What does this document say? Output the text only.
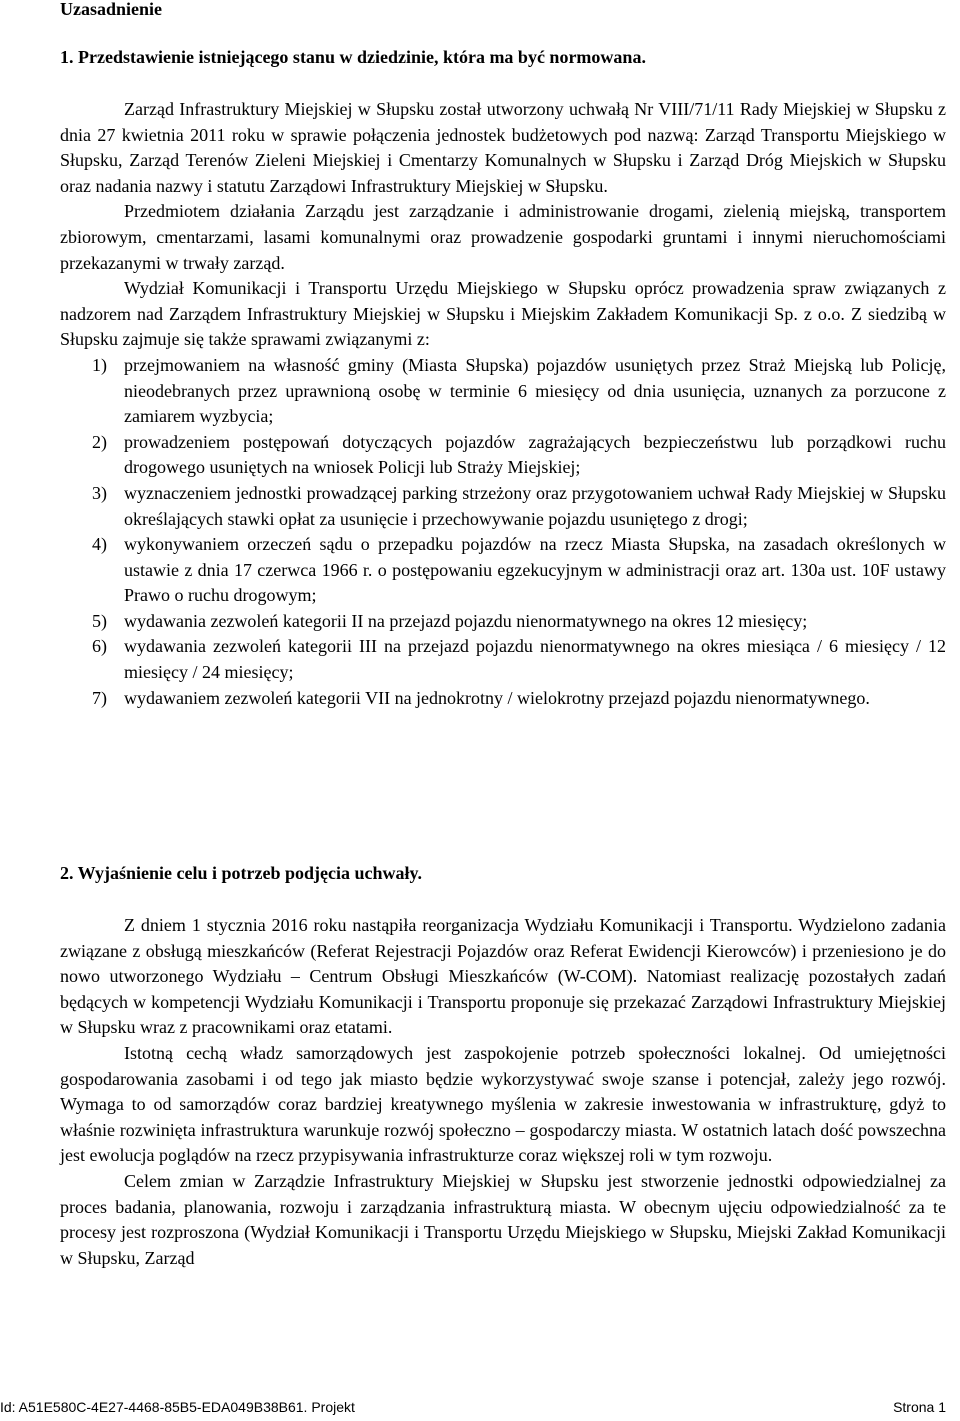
Uzasadnienie
1. Przedstawienie istniejącego stanu w dziedzinie, która ma być normowana.

Zarząd Infrastruktury Miejskiej w Słupsku został utworzony uchwałą Nr VIII/71/11 Rady Miejskiej w Słupsku z dnia 27 kwietnia 2011 roku w sprawie połączenia jednostek budżetowych pod nazwą: Zarząd Transportu Miejskiego w Słupsku, Zarząd Terenów Zieleni Miejskiej i Cmentarzy Komunalnych w Słupsku i Zarząd Dróg Miejskich w Słupsku oraz nadania nazwy i statutu Zarządowi Infrastruktury Miejskiej w Słupsku.

Przedmiotem działania Zarządu jest zarządzanie i administrowanie drogami, zielenią miejską, transportem zbiorowym, cmentarzami, lasami komunalnymi oraz prowadzenie gospodarki gruntami i innymi nieruchomościami przekazanymi w trwały zarząd.

Wydział Komunikacji i Transportu Urzędu Miejskiego w Słupsku oprócz prowadzenia spraw związanych z nadzorem nad Zarządem Infrastruktury Miejskiej w Słupsku i Miejskim Zakładem Komunikacji Sp. z o.o. Z siedzibą w Słupsku zajmuje się także sprawami związanymi z:

1) przejmowaniem na własność gminy (Miasta Słupska) pojazdów usuniętych przez Straż Miejską lub Policję, nieodebranych przez uprawnioną osobę w terminie 6 miesięcy od dnia usunięcia, uznanych za porzucone z zamiarem wyzbycia;
2) prowadzeniem postępowań dotyczących pojazdów zagrażających bezpieczeństwu lub porządkowi ruchu drogowego usuniętych na wniosek Policji lub Straży Miejskiej;
3) wyznaczeniem jednostki prowadzącej parking strzeżony oraz przygotowaniem uchwał Rady Miejskiej w Słupsku określających stawki opłat za usunięcie i przechowywanie pojazdu usuniętego z drogi;
4) wykonywaniem orzeczeń sądu o przepadku pojazdów na rzecz Miasta Słupska, na zasadach określonych w ustawie z dnia 17 czerwca 1966 r. o postępowaniu egzekucyjnym w administracji oraz art. 130a ust. 10F ustawy Prawo o ruchu drogowym;
5) wydawania zezwoleń kategorii II na przejazd pojazdu nienormatywnego na okres 12 miesięcy;
6) wydawania zezwoleń kategorii III na przejazd pojazdu nienormatywnego na okres miesiąca / 6 miesięcy / 12 miesięcy / 24 miesięcy;
7) wydawaniem zezwoleń kategorii VII na jednokrotny / wielokrotny przejazd pojazdu nienormatywnego.
2. Wyjaśnienie celu i potrzeb podjęcia uchwały.

Z dniem 1 stycznia 2016 roku nastąpiła reorganizacja Wydziału Komunikacji i Transportu. Wydzielono zadania związane z obsługą mieszkańców (Referat Rejestracji Pojazdów oraz Referat Ewidencji Kierowców) i przeniesiono je do nowo utworzonego Wydziału – Centrum Obsługi Mieszkańców (W-COM). Natomiast realizację pozostałych zadań będących w kompetencji Wydziału Komunikacji i Transportu proponuje się przekazać Zarządowi Infrastruktury Miejskiej w Słupsku wraz z pracownikami oraz etatami.

Istotną cechą władz samorządowych jest zaspokojenie potrzeb społeczności lokalnej. Od umiejętności gospodarowania zasobami i od tego jak miasto będzie wykorzystywać swoje szanse i potencjał, zależy jego rozwój. Wymaga to od samorządów coraz bardziej kreatywnego myślenia w zakresie inwestowania w infrastrukturę, gdyż to właśnie rozwinięta infrastruktura warunkuje rozwój społeczno – gospodarczy miasta. W ostatnich latach dość powszechna jest ewolucja poglądów na rzecz przypisywania infrastrukturze coraz większej roli w tym rozwoju.

Celem zmian w Zarządzie Infrastruktury Miejskiej w Słupsku jest stworzenie jednostki odpowiedzialnej za proces badania, planowania, rozwoju i zarządzania infrastrukturą miasta. W obecnym ujęciu odpowiedzialność za te procesy jest rozproszona (Wydział Komunikacji i Transportu Urzędu Miejskiego w Słupsku, Miejski Zakład Komunikacji w Słupsku, Zarząd

Id: A51E580C-4E27-4468-85B5-EDA049B38B61. Projekt	Strona 1
